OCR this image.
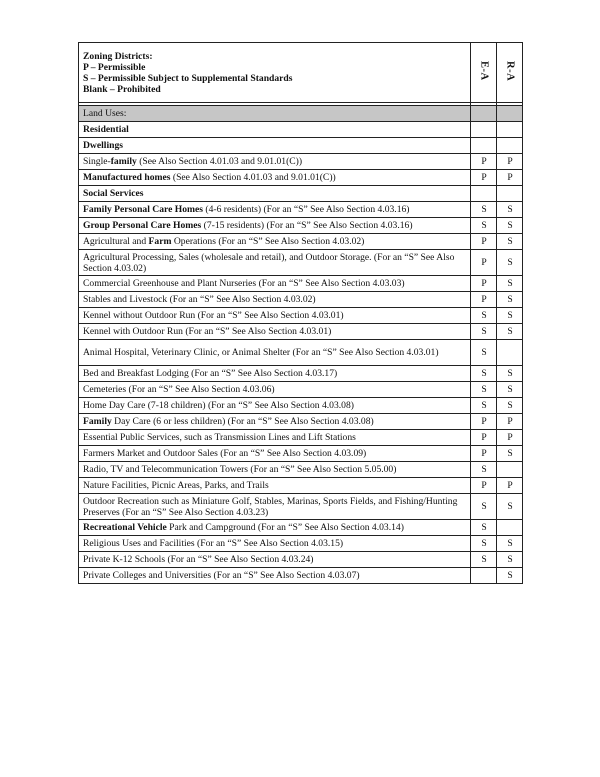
Zoning Districts:
P – Permissible
S – Permissible Subject to Supplemental Standards
Blank – Prohibited	E-A	R-A

Land Uses:		
Residential		
Dwellings		
Single-family (See Also Section 4.01.03 and 9.01.01(C))	P	P
Manufactured homes (See Also Section 4.01.03 and 9.01.01(C))	P	P
Social Services		
Family Personal Care Homes (4-6 residents) (For an “S” See Also Section 4.03.16)	S	S
Group Personal Care Homes (7-15 residents) (For an “S” See Also Section 4.03.16)	S	S
Agricultural and Farm Operations (For an “S” See Also Section 4.03.02)	P	S
Agricultural Processing, Sales (wholesale and retail), and Outdoor Storage. (For an “S” See Also Section 4.03.02)	P	S
Commercial Greenhouse and Plant Nurseries (For an “S” See Also Section 4.03.03)	P	S
Stables and Livestock (For an “S” See Also Section 4.03.02)	P	S
Kennel without Outdoor Run (For an “S” See Also Section 4.03.01)	S	S
Kennel with Outdoor Run (For an “S” See Also Section 4.03.01)	S	S
Animal Hospital, Veterinary Clinic, or Animal Shelter (For an “S” See Also Section 4.03.01)	S	
Bed and Breakfast Lodging (For an “S” See Also Section 4.03.17)	S	S
Cemeteries (For an “S” See Also Section 4.03.06)	S	S
Home Day Care (7-18 children) (For an “S” See Also Section 4.03.08)	S	S
Family Day Care (6 or less children) (For an “S” See Also Section 4.03.08)	P	P
Essential Public Services, such as Transmission Lines and Lift Stations	P	P
Farmers Market and Outdoor Sales (For an “S” See Also Section 4.03.09)	P	S
Radio, TV and Telecommunication Towers (For an “S” See Also Section 5.05.00)	S	
Nature Facilities, Picnic Areas, Parks, and Trails	P	P
Outdoor Recreation such as Miniature Golf, Stables, Marinas, Sports Fields, and Fishing/Hunting Preserves (For an “S” See Also Section 4.03.23)	S	S
Recreational Vehicle Park and Campground (For an “S” See Also Section 4.03.14)	S	
Religious Uses and Facilities (For an “S” See Also Section 4.03.15)	S	S
Private K-12 Schools (For an “S” See Also Section 4.03.24)	S	S
Private Colleges and Universities (For an “S” See Also Section 4.03.07)		S
